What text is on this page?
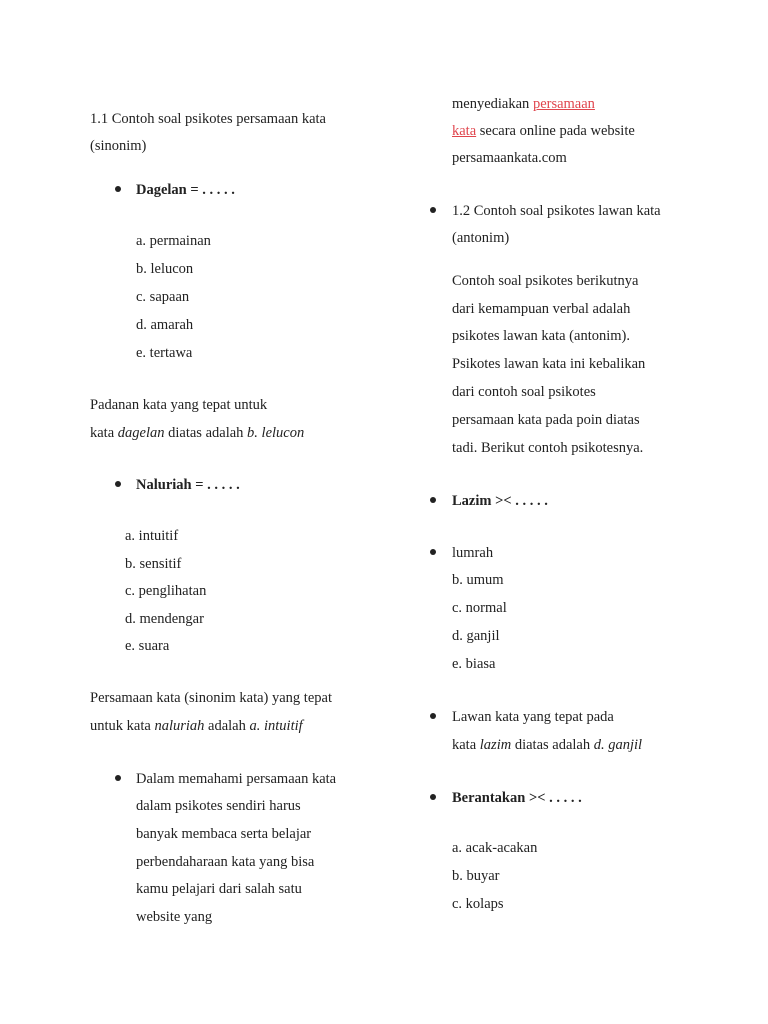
1.1 Contoh soal psikotes persamaan kata
(sinonim)
Dagelan = . . . . .
a. permainan
b. lelucon
c. sapaan
d. amarah
e. tertawa
Padanan kata yang tepat untuk
kata dagelan diatas adalah b. lelucon
Naluriah = . . . . .
a. intuitif
b. sensitif
c. penglihatan
d. mendengar
e. suara
Persamaan kata (sinonim kata) yang tepat
untuk kata naluriah adalah a. intuitif
Dalam memahami persamaan kata
dalam psikotes sendiri harus
banyak membaca serta belajar
perbendaharaan kata yang bisa
kamu pelajari dari salah satu
website yang
menyediakan persamaan
kata secara online pada website
persamaankata.com
1.2 Contoh soal psikotes lawan kata
(antonim)
Contoh soal psikotes berikutnya
dari kemampuan verbal adalah
psikotes lawan kata (antonim).
Psikotes lawan kata ini kebalikan
dari contoh soal psikotes
persamaan kata pada poin diatas
tadi. Berikut contoh psikotesnya.
Lazim >< . . . . .
lumrah
b. umum
c. normal
d. ganjil
e. biasa
Lawan kata yang tepat pada
kata lazim diatas adalah d. ganjil
Berantakan >< . . . . .
a. acak-acakan
b. buyar
c. kolaps
